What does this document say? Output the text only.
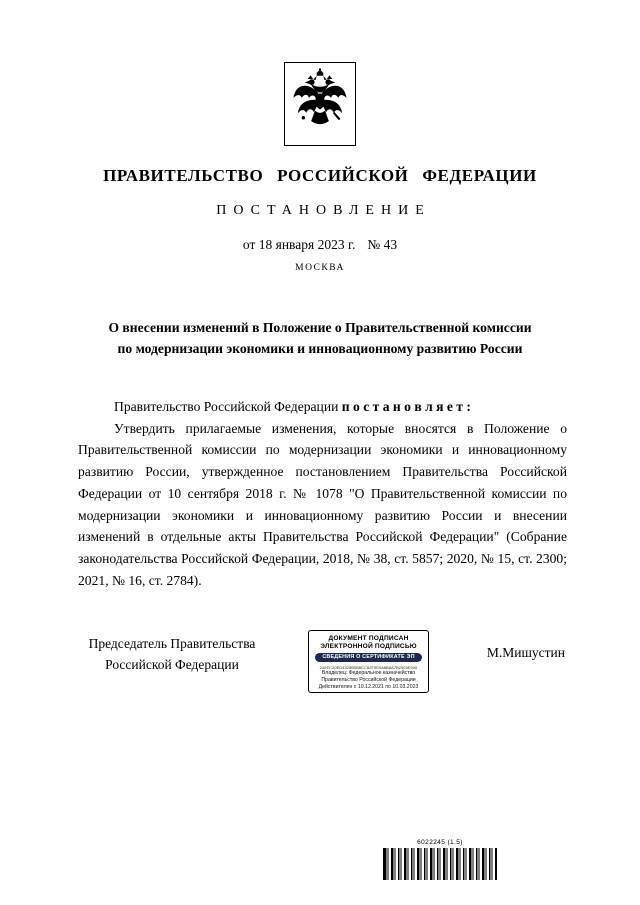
ПРАВИТЕЛЬСТВО РОССИЙСКОЙ ФЕДЕРАЦИИ
ПОСТАНОВЛЕНИЕ
от 18 января 2023 г. № 43
МОСКВА
О внесении изменений в Положение о Правительственной комиссии
по модернизации экономики и инновационному развитию России

Правительство Российской Федерации п о с т а н о в л я е т :

Утвердить прилагаемые изменения, которые вносятся в Положение о Правительственной комиссии по модернизации экономики и инновационному развитию России, утвержденное постановлением Правительства Российской Федерации от 10 сентября 2018 г. № 1078 "О Правительственной комиссии по модернизации экономики и инновационному развитию России и внесении изменений в отдельные акты Правительства Российской Федерации" (Собрание законодательства Российской Федерации, 2018, № 38, ст. 5857; 2020, № 15, ст. 2300; 2021, № 16, ст. 2784).

Председатель Правительства
Российской Федерации
ДОКУМЕНТ ПОДПИСАН
ЭЛЕКТРОННОЙ ПОДПИСЬЮ
СВЕДЕНИЯ О СЕРТИФИКАТЕ ЭП
240EC20ED4325B0B8CC62F9E9A8B8A7B2505E900
Владелец: Федеральное казначейство
Правительство Российской Федерации
Действителен с 10.12.2021 по 10.03.2023
М.Мишустин
6022245 (1.5)
